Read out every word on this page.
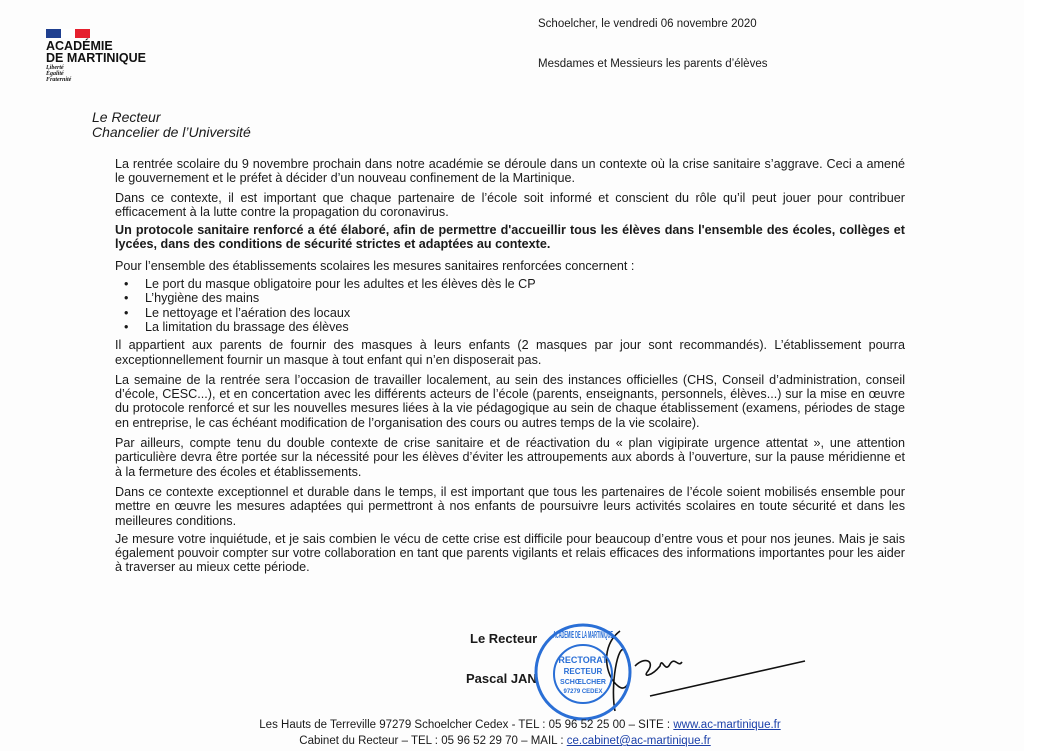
ACADÉMIE
DE MARTINIQUE
Liberté
Égalité
Fraternité
Schoelcher, le vendredi 06 novembre 2020
Mesdames et Messieurs les parents d’élèves
Le Recteur
Chancelier de l’Université

La rentrée scolaire du 9 novembre prochain dans notre académie se déroule dans un contexte où la crise sanitaire s’aggrave. Ceci a amené le gouvernement et le préfet à décider d’un nouveau confinement de la Martinique.

Dans ce contexte, il est important que chaque partenaire de l’école soit informé et conscient du rôle qu’il peut jouer pour contribuer efficacement à la lutte contre la propagation du coronavirus.

Un protocole sanitaire renforcé a été élaboré, afin de permettre d'accueillir tous les élèves dans l'ensemble des écoles, collèges et lycées, dans des conditions de sécurité strictes et adaptées au contexte.

Pour l’ensemble des établissements scolaires les mesures sanitaires renforcées concernent :

• Le port du masque obligatoire pour les adultes et les élèves dès le CP
• L’hygiène des mains
• Le nettoyage et l’aération des locaux
• La limitation du brassage des élèves

Il appartient aux parents de fournir des masques à leurs enfants (2 masques par jour sont recommandés). L’établissement pourra exceptionnellement fournir un masque à tout enfant qui n’en disposerait pas.

La semaine de la rentrée sera l’occasion de travailler localement, au sein des instances officielles (CHS, Conseil d’administration, conseil d’école, CESC...), et en concertation avec les différents acteurs de l’école (parents, enseignants, personnels, élèves...) sur la mise en œuvre du protocole renforcé et sur les nouvelles mesures liées à la vie pédagogique au sein de chaque établissement (examens, périodes de stage en entreprise, le cas échéant modification de l’organisation des cours ou autres temps de la vie scolaire).

Par ailleurs, compte tenu du double contexte de crise sanitaire et de réactivation du « plan vigipirate urgence attentat », une attention particulière devra être portée sur la nécessité pour les élèves d’éviter les attroupements aux abords à l’ouverture, sur la pause méridienne et à la fermeture des écoles et établissements.

Dans ce contexte exceptionnel et durable dans le temps, il est important que tous les partenaires de l’école soient mobilisés ensemble pour mettre en œuvre les mesures adaptées qui permettront à nos enfants de poursuivre leurs activités scolaires en toute sécurité et dans les meilleures conditions.

Je mesure votre inquiétude, et je sais combien le vécu de cette crise est difficile pour beaucoup d’entre vous et pour nos jeunes. Mais je sais également pouvoir compter sur votre collaboration en tant que parents vigilants et relais efficaces des informations importantes pour les aider à traverser au mieux cette période.

Le Recteur
Pascal JAN
RECTORAT
RECTEUR
SCHŒLCHER
97279 CEDEX
ACADEMIE DE LA MARTINIQUE
Les Hauts de Terreville 97279 Schoelcher Cedex - TEL : 05 96 52 25 00 – SITE : www.ac-martinique.fr
Cabinet du Recteur – TEL : 05 96 52 29 70 – MAIL : ce.cabinet@ac-martinique.fr
